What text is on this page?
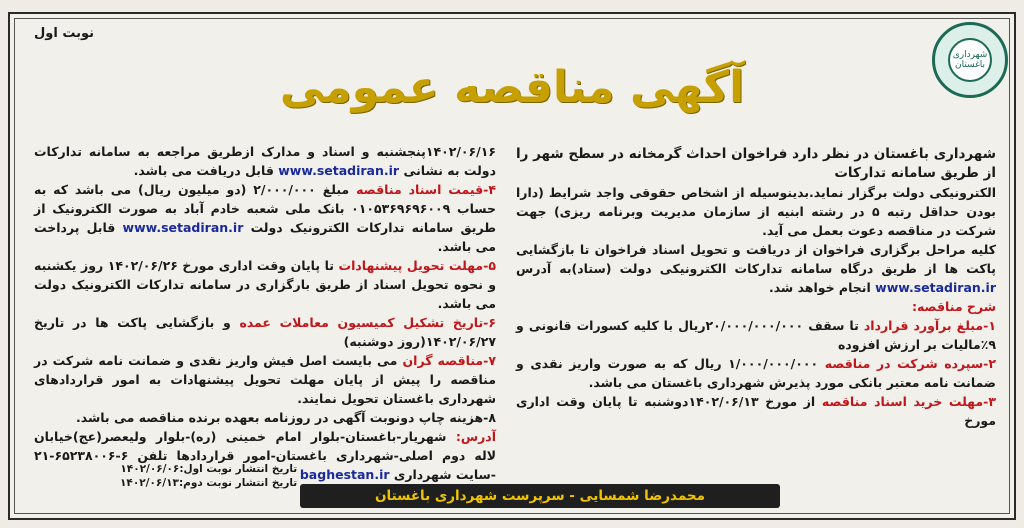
نوبت اول
شهرداری باغستان
آگهی مناقصه عمومی

شهرداری باغستان در نظر دارد فراخوان احداث گرمخانه در سطح شهر را از طریق سامانه تدارکات

الکترونیکی دولت برگزار نماید.بدینوسیله از اشخاص حقوقی واجد شرایط (دارا بودن حداقل رتبه ۵ در رشته ابنیه از سازمان مدیریت وبرنامه ریزی) جهت شرکت در مناقصه دعوت بعمل می آید.

کلیه مراحل برگزاری فراخوان از دریافت و تحویل اسناد فراخوان تا بازگشایی پاکت ها از طریق درگاه سامانه تدارکات الکترونیکی دولت (ستاد)به آدرس www.setadiran.ir انجام خواهد شد.

شرح مناقصه:

۱-مبلغ برآورد قرارداد تا سقف ۲۰/۰۰۰/۰۰۰/۰۰۰ریال با کلیه کسورات قانونی و ۹٪مالیات بر ارزش افزوده

۲-سپرده شرکت در مناقصه ۱/۰۰۰/۰۰۰/۰۰۰ ریال که به صورت واریز نقدی و ضمانت نامه معتبر بانکی مورد پذیرش شهرداری باغستان می باشد.

۳-مهلت خرید اسناد مناقصه از مورخ ۱۴۰۲/۰۶/۱۳دوشنبه تا پایان وقت اداری مورخ

۱۴۰۲/۰۶/۱۶پنجشنبه و اسناد و مدارک ازطریق مراجعه به سامانه تدارکات دولت به نشانی www.setadiran.ir قابل دریافت می باشد.

۴-قیمت اسناد مناقصه مبلغ ۲/۰۰۰/۰۰۰ (دو میلیون ریال) می باشد که به حساب ۰۱۰۵۳۶۹۶۹۶۰۰۹ بانک ملی شعبه خادم آباد به صورت الکترونیک از طریق سامانه تدارکات الکترونیک دولت www.setadiran.ir قابل پرداخت می باشد.

۵-مهلت تحویل پیشنهادات تا پایان وقت اداری مورخ ۱۴۰۲/۰۶/۲۶ روز یکشنبه و نحوه تحویل اسناد از طریق بارگزاری در سامانه تدارکات الکترونیک دولت می باشد.

۶-تاریخ تشکیل کمیسیون معاملات عمده و بازگشایی پاکت ها در تاریخ ۱۴۰۲/۰۶/۲۷(روز دوشنبه)

۷-مناقصه گران می بایست اصل فیش واریز نقدی و ضمانت نامه شرکت در مناقصه را پیش از پایان مهلت تحویل پیشنهادات به امور قراردادهای شهرداری باغستان تحویل نمایند.

۸-هزینه چاپ دونوبت آگهی در روزنامه بعهده برنده مناقصه می باشد.

آدرس: شهریار-باغستان-بلوار امام خمینی (ره)-بلوار ولیعصر(عج)خیابان لاله دوم اصلی-شهرداری باغستان-امور قراردادها تلفن ۶-۶۵۲۳۸۰۰۶-۲۱ -سایت شهرداری baghestan.ir

تاریخ انتشار نوبت اول:۱۴۰۲/۰۶/۰۶
تاریخ انتشار نوبت دوم:۱۴۰۲/۰۶/۱۳
محمدرضا شمسایی - سرپرست شهرداری باغستان
